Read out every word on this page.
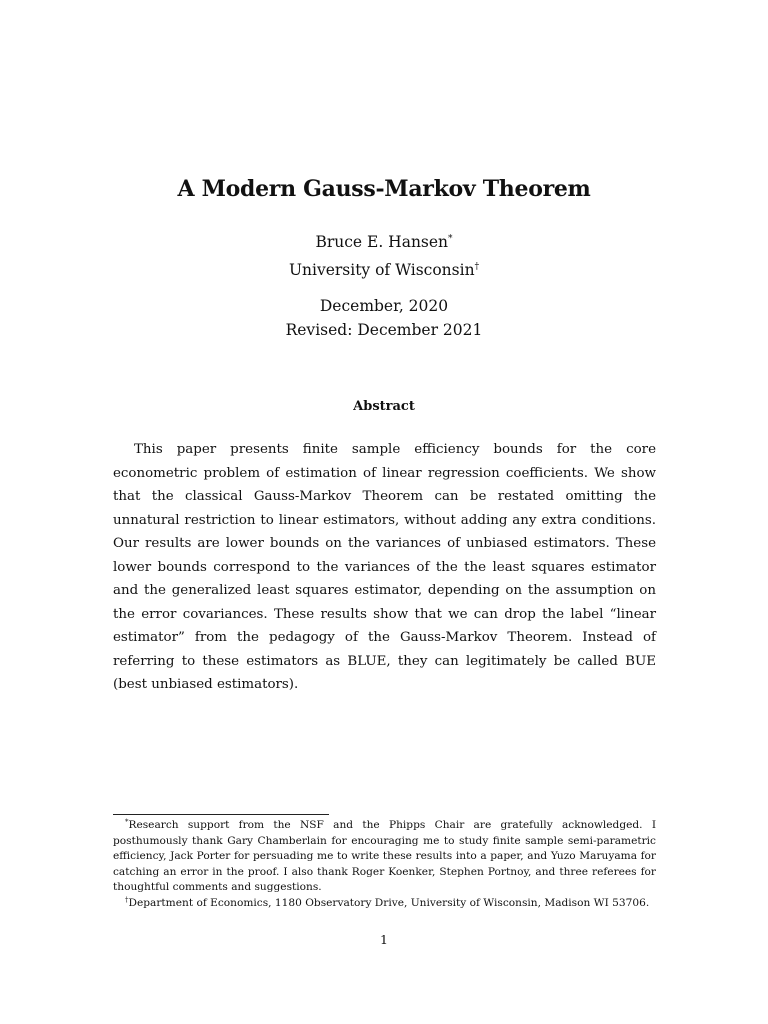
A Modern Gauss-Markov Theorem

Bruce E. Hansen*

University of Wisconsin†

December, 2020

Revised: December 2021

Abstract

This paper presents finite sample efficiency bounds for the core econometric problem of estimation of linear regression coefficients. We show that the classical Gauss-Markov Theorem can be restated omitting the unnatural restriction to linear estimators, without adding any extra conditions. Our results are lower bounds on the variances of unbiased estimators. These lower bounds correspond to the variances of the the least squares estimator and the generalized least squares estimator, depending on the assumption on the error covariances. These results show that we can drop the label “linear estimator” from the pedagogy of the Gauss-Markov Theorem. Instead of referring to these estimators as BLUE, they can legitimately be called BUE (best unbiased estimators).

*Research support from the NSF and the Phipps Chair are gratefully acknowledged. I posthumously thank Gary Chamberlain for encouraging me to study finite sample semi-parametric efficiency, Jack Porter for persuading me to write these results into a paper, and Yuzo Maruyama for catching an error in the proof. I also thank Roger Koenker, Stephen Portnoy, and three referees for thoughtful comments and suggestions.

†Department of Economics, 1180 Observatory Drive, University of Wisconsin, Madison WI 53706.

1
